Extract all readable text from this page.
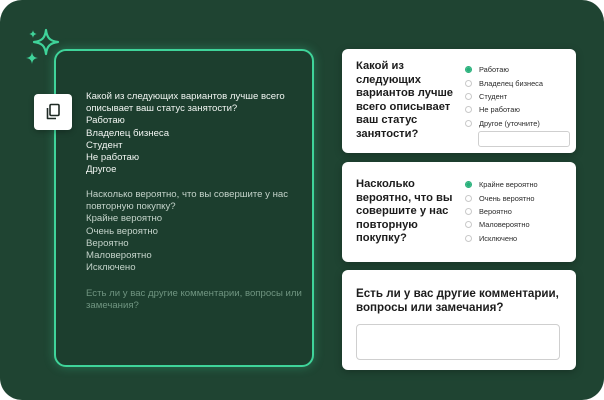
Какой из следующих вариантов лучше всего
описывает ваш статус занятости?
Работаю
Владелец бизнеса
Студент
Не работаю
Другое
Насколько вероятно, что вы совершите у нас
повторную покупку?
Крайне вероятно
Очень вероятно
Вероятно
Маловероятно
Исключено
Есть ли у вас другие комментарии, вопросы или
замечания?
Какой из следующих вариантов лучше всего описывает ваш статус занятости?
Работаю
Владелец бизнеса
Студент
Не работаю
Другое (уточните)
Насколько вероятно, что вы совершите у нас повторную покупку?
Крайне вероятно
Очень вероятно
Вероятно
Маловероятно
Исключено
Есть ли у вас другие комментарии, вопросы или замечания?
